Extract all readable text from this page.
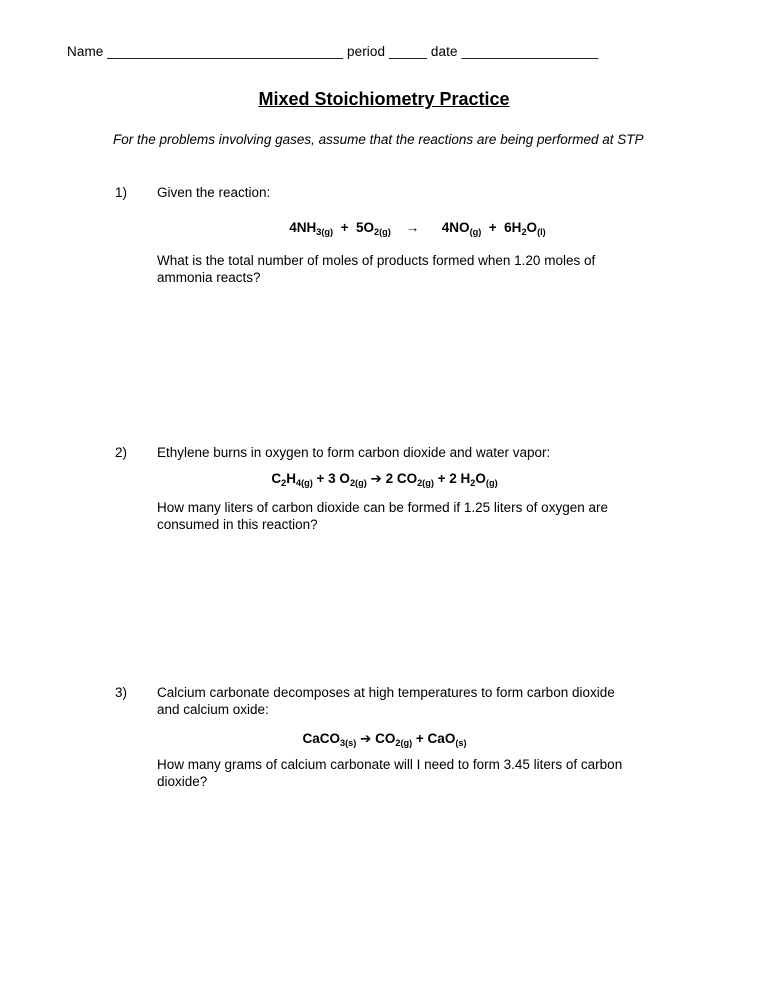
Name _______________________________ period _____ date __________________
Mixed Stoichiometry Practice
For the problems involving gases, assume that the reactions are being performed at STP
1) Given the reaction:
$4NH_{3(g)} + 5O_{2(g)}$    →      $4NO_{(g)} + 6H_2O_{(l)}$
What is the total number of moles of products formed when 1.20 moles of ammonia reacts?
2) Ethylene burns in oxygen to form carbon dioxide and water vapor:
$C_2H_{4(g)} + 3$ $O_{2(g)}$ ➔ 2 $CO_{2(g)} + 2$ $H_2O_{(g)}$
How many liters of carbon dioxide can be formed if 1.25 liters of oxygen are consumed in this reaction?
3) Calcium carbonate decomposes at high temperatures to form carbon dioxide and calcium oxide:
CaCO$_{3(s)}$ ➔ $CO_{2(g)} + CaO_{(s)}$
How many grams of calcium carbonate will I need to form 3.45 liters of carbon dioxide?
